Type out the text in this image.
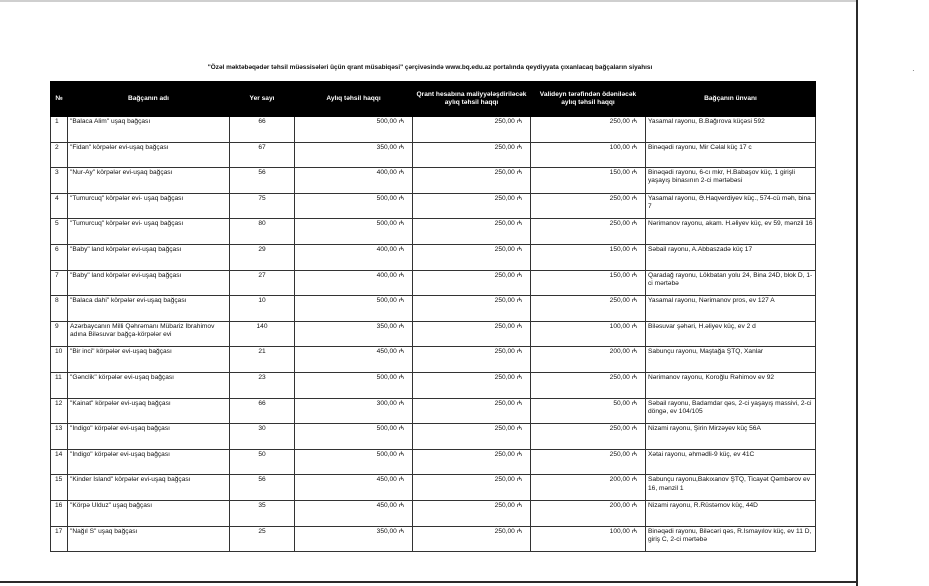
·
"Özəl məktəbəqədər təhsil müəssisələri üçün qrant müsabiqəsi" çərçivəsində www.bq.edu.az portalında qeydiyyata çıxanlacaq bağçaların siyahısı
№	Bağçanın adı	Yer sayı	Aylıq təhsil haqqı	Qrant hesabına maliyyələşdiriləcək aylıq təhsil haqqı	Valideyn tərəfindən ödəniləcək aylıq təhsil haqqı	Bağçanın ünvanı

1	"Balaca Alim" uşaq bağçası	66	500,00 ₼	250,00 ₼	250,00 ₼	Yasamal rayonu, B.Bağırova küçəsi 592

2	"Fidan" körpələr evi-uşaq bağçası	67	350,00 ₼	250,00 ₼	100,00 ₼	Binəqədi rayonu, Mir Cəlal küç 17 c

3	"Nur-Ay" körpələr evi-uşaq bağçası	56	400,00 ₼	250,00 ₼	150,00 ₼	Binəqədi rayonu, 6-cı mkr, H.Babaşov küç, 1 girişli yaşayış binasının 2-ci mərtəbəsi

4	"Tumurcuq" körpələr evi- uşaq bağçası	75	500,00 ₼	250,00 ₼	250,00 ₼	Yasamal rayonu, Ə.Haqverdiyev küç., 574-cü məh, bina 7

5	"Tumurcuq" körpələr evi- uşaq bağçası	80	500,00 ₼	250,00 ₼	250,00 ₼	Nərimanov rayonu, akam. H.əliyev küç, ev 59, mənzil 16

6	"Baby" land körpələr evi-uşaq bağçası	29	400,00 ₼	250,00 ₼	150,00 ₼	Səbail rayonu, A.Abbaszadə küç 17

7	"Baby" land körpələr evi-uşaq bağçası	27	400,00 ₼	250,00 ₼	150,00 ₼	Qaradağ rayonu, Lökbatan yolu 24, Bina 24D, blok D, 1-ci mərtəbə

8	"Balaca dahi" körpələr evi-uşaq bağçası	10	500,00 ₼	250,00 ₼	250,00 ₼	Yasamal rayonu, Nərimanov pros, ev 127 A

9	Azərbaycanın Milli Qəhrəmanı Mübariz İbrahimov adına Biləsuvar bağça-körpələr evi	140	350,00 ₼	250,00 ₼	100,00 ₼	Biləsuvar şəhəri, H.əliyev küç, ev 2 d

10	"Bir inci" körpələr evi-uşaq bağçası	21	450,00 ₼	250,00 ₼	200,00 ₼	Sabunçu rayonu, Maştağa ŞTQ, Xanlar

11	"Gənclik" körpələr evi-uşaq bağçası	23	500,00 ₼	250,00 ₼	250,00 ₼	Nərimanov rayonu, Koroğlu Rəhimov ev 92

12	"Kainat" körpələr evi-uşaq bağçası	66	300,00 ₼	250,00 ₼	50,00 ₼	Səbail rayonu, Badamdar qəs, 2-ci yaşayış massivi, 2-ci döngə, ev 104/105

13	"İndigo" körpələr evi-uşaq bağçası	30	500,00 ₼	250,00 ₼	250,00 ₼	Nizami rayonu, Şirin Mirzəyev küç 56A

14	"İndigo" körpələr evi-uşaq bağçası	50	500,00 ₼	250,00 ₼	250,00 ₼	Xətai rayonu, əhmədli-9 küç, ev 41C

15	"Kinder İsland" körpələr evi-uşaq bağçası	56	450,00 ₼	250,00 ₼	200,00 ₼	Sabunçu rayonu,Bakıxanov ŞTQ, Ticayət Qəmbərov ev 16, mənzil 1

16	"Körpə Ulduz" uşaq bağçası	35	450,00 ₼	250,00 ₼	200,00 ₼	Nizami rayonu, R.Rüstəmov küç, 44D

17	"Nağıl S" uşaq bağçası	25	350,00 ₼	250,00 ₼	100,00 ₼	Binəqədi rayonu, Biləcəri qəs, R.İsmayılov küç, ev 11 D, giriş C, 2-ci mərtəbə
